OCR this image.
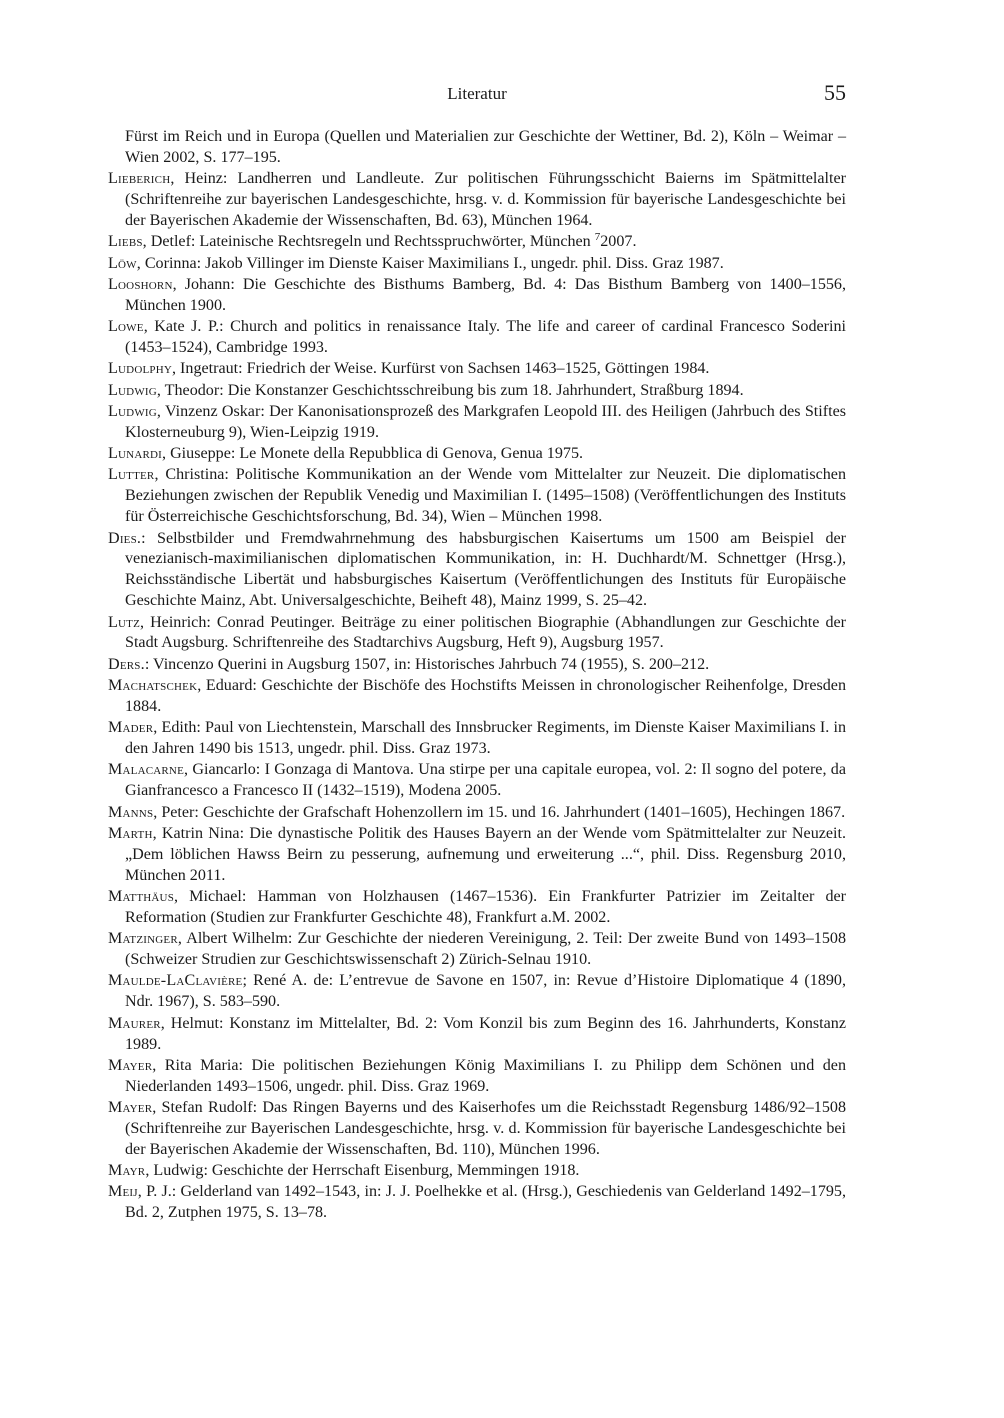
Literatur	55

Fürst im Reich und in Europa (Quellen und Materialien zur Geschichte der Wettiner, Bd. 2), Köln – Weimar – Wien 2002, S. 177–195.

Lieberich, Heinz: Landherren und Landleute. Zur politischen Führungsschicht Baierns im Spätmittelalter (Schriftenreihe zur bayerischen Landesgeschichte, hrsg. v. d. Kommission für bayerische Landesgeschichte bei der Bayerischen Akademie der Wissenschaften, Bd. 63), München 1964.

Liebs, Detlef: Lateinische Rechtsregeln und Rechtsspruchwörter, München $^7$2007.

Löw, Corinna: Jakob Villinger im Dienste Kaiser Maximilians I., ungedr. phil. Diss. Graz 1987.

Looshorn, Johann: Die Geschichte des Bisthums Bamberg, Bd. 4: Das Bisthum Bamberg von 1400–1556, München 1900.

Lowe, Kate J. P.: Church and politics in renaissance Italy. The life and career of cardinal Francesco Soderini (1453–1524), Cambridge 1993.

Ludolphy, Ingetraut: Friedrich der Weise. Kurfürst von Sachsen 1463–1525, Göttingen 1984.

Ludwig, Theodor: Die Konstanzer Geschichtsschreibung bis zum 18. Jahrhundert, Straßburg 1894.

Ludwig, Vinzenz Oskar: Der Kanonisationsprozeß des Markgrafen Leopold III. des Heiligen (Jahrbuch des Stiftes Klosterneuburg 9), Wien-Leipzig 1919.

Lunardi, Giuseppe: Le Monete della Repubblica di Genova, Genua 1975.

Lutter, Christina: Politische Kommunikation an der Wende vom Mittelalter zur Neuzeit. Die diplomatischen Beziehungen zwischen der Republik Venedig und Maximilian I. (1495–1508) (Veröffentlichungen des Instituts für Österreichische Geschichtsforschung, Bd. 34), Wien – München 1998.

Dies.: Selbstbilder und Fremdwahrnehmung des habsburgischen Kaisertums um 1500 am Beispiel der venezianisch-maximilianischen diplomatischen Kommunikation, in: H. Duchhardt/M. Schnettger (Hrsg.), Reichsständische Libertät und habsburgisches Kaisertum (Veröffentlichungen des Instituts für Europäische Geschichte Mainz, Abt. Universalgeschichte, Beiheft 48), Mainz 1999, S. 25–42.

Lutz, Heinrich: Conrad Peutinger. Beiträge zu einer politischen Biographie (Abhandlungen zur Geschichte der Stadt Augsburg. Schriftenreihe des Stadtarchivs Augsburg, Heft 9), Augsburg 1957.

Ders.: Vincenzo Querini in Augsburg 1507, in: Historisches Jahrbuch 74 (1955), S. 200–212.

Machatschek, Eduard: Geschichte der Bischöfe des Hochstifts Meissen in chronologischer Reihenfolge, Dresden 1884.

Mader, Edith: Paul von Liechtenstein, Marschall des Innsbrucker Regiments, im Dienste Kaiser Maximilians I. in den Jahren 1490 bis 1513, ungedr. phil. Diss. Graz 1973.

Malacarne, Giancarlo: I Gonzaga di Mantova. Una stirpe per una capitale europea, vol. 2: Il sogno del potere, da Gianfrancesco a Francesco II (1432–1519), Modena 2005.

Manns, Peter: Geschichte der Grafschaft Hohenzollern im 15. und 16. Jahrhundert (1401–1605), Hechingen 1867.

Marth, Katrin Nina: Die dynastische Politik des Hauses Bayern an der Wende vom Spätmittelalter zur Neuzeit. „Dem löblichen Hawss Beirn zu pesserung, aufnemung und erweiterung ...“, phil. Diss. Regensburg 2010, München 2011.

Matthäus, Michael: Hamman von Holzhausen (1467–1536). Ein Frankfurter Patrizier im Zeitalter der Reformation (Studien zur Frankfurter Geschichte 48), Frankfurt a.M. 2002.

Matzinger, Albert Wilhelm: Zur Geschichte der niederen Vereinigung, 2. Teil: Der zweite Bund von 1493–1508 (Schweizer Strudien zur Geschichtswissenschaft 2) Zürich-Selnau 1910.

Maulde-LaClavière; René A. de: L’entrevue de Savone en 1507, in: Revue d’Histoire Diplomatique 4 (1890, Ndr. 1967), S. 583–590.

Maurer, Helmut: Konstanz im Mittelalter, Bd. 2: Vom Konzil bis zum Beginn des 16. Jahrhunderts, Konstanz 1989.

Mayer, Rita Maria: Die politischen Beziehungen König Maximilians I. zu Philipp dem Schönen und den Niederlanden 1493–1506, ungedr. phil. Diss. Graz 1969.

Mayer, Stefan Rudolf: Das Ringen Bayerns und des Kaiserhofes um die Reichsstadt Regensburg 1486/92–1508 (Schriftenreihe zur Bayerischen Landesgeschichte, hrsg. v. d. Kommission für bayerische Landesgeschichte bei der Bayerischen Akademie der Wissenschaften, Bd. 110), München 1996.

Mayr, Ludwig: Geschichte der Herrschaft Eisenburg, Memmingen 1918.

Meij, P. J.: Gelderland van 1492–1543, in: J. J. Poelhekke et al. (Hrsg.), Geschiedenis van Gelderland 1492–1795, Bd. 2, Zutphen 1975, S. 13–78.
